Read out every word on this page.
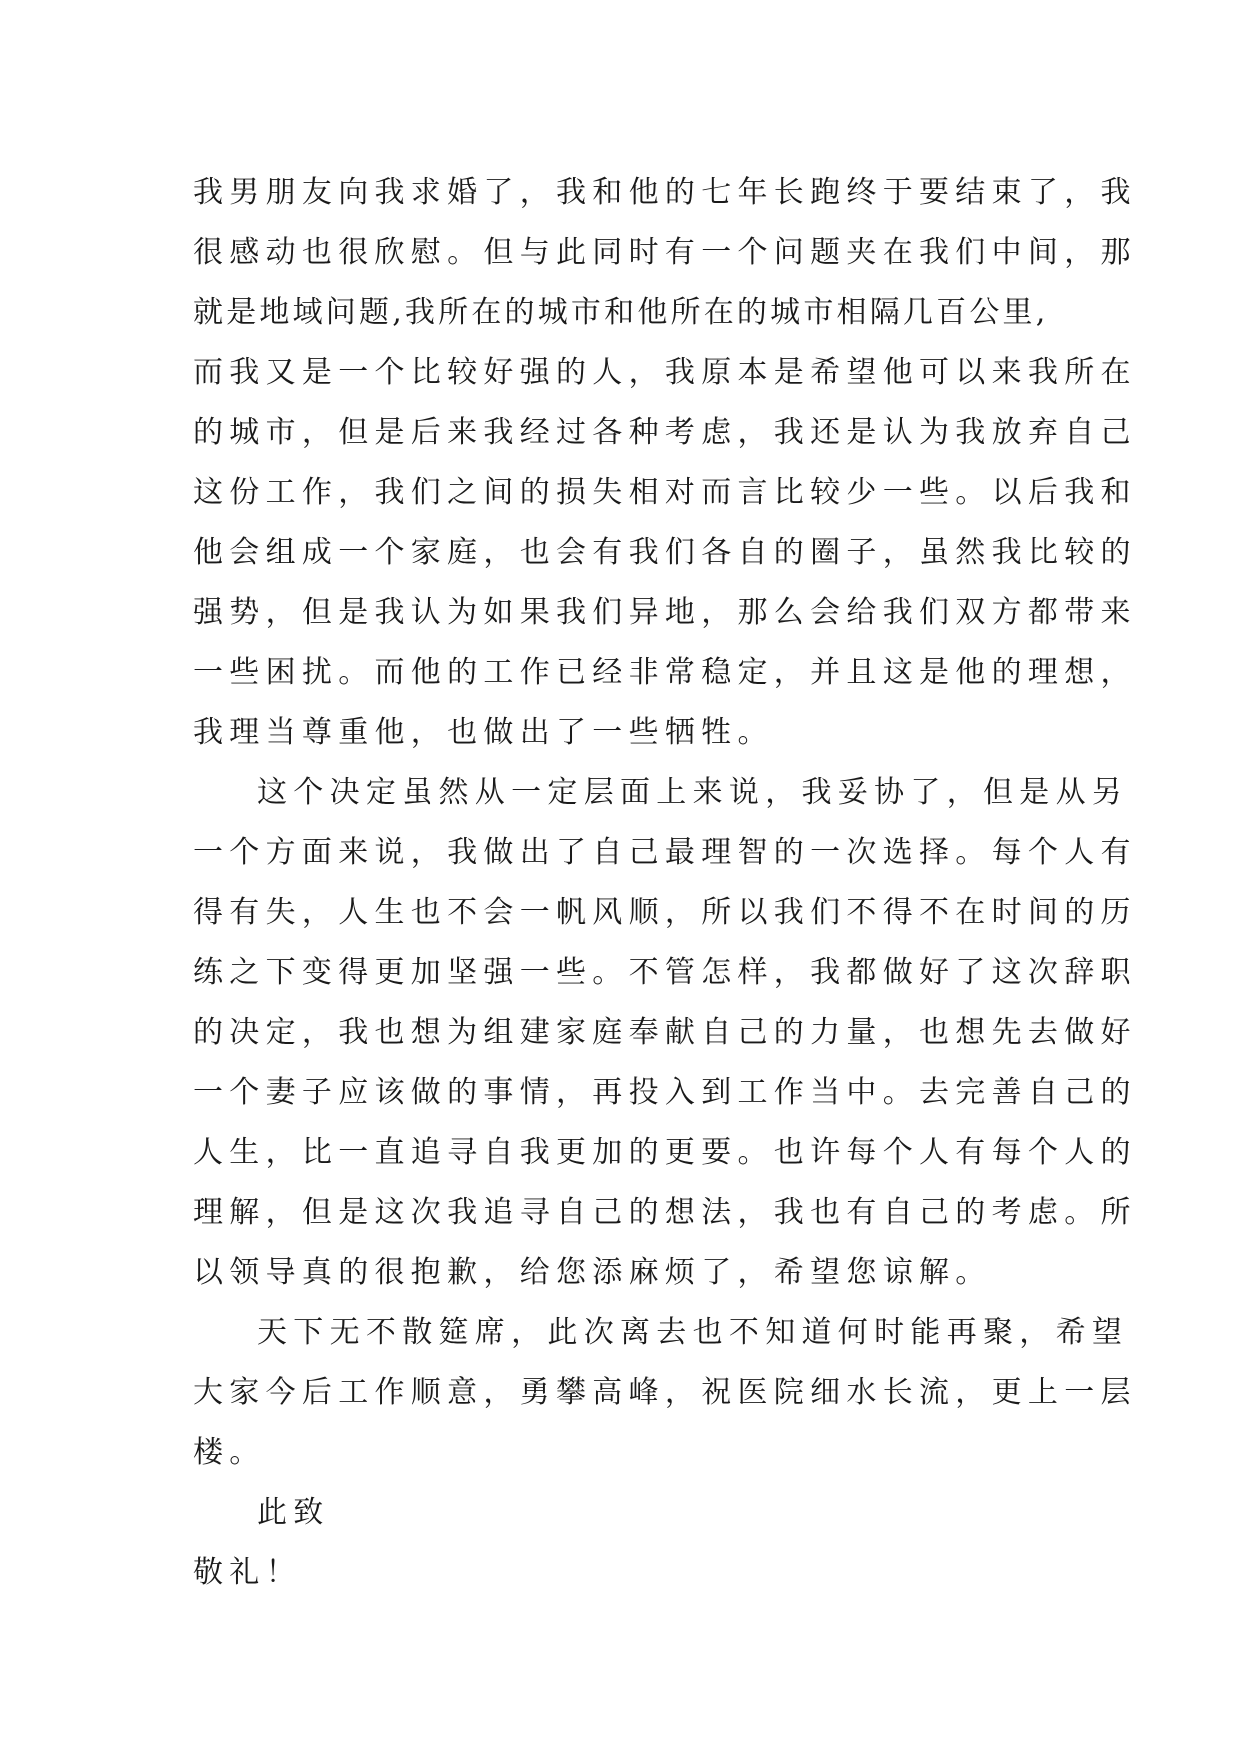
我男朋友向我求婚了，我和他的七年长跑终于要结束了，我
很感动也很欣慰。但与此同时有一个问题夹在我们中间，那
就是地域问题,我所在的城市和他所在的城市相隔几百公里,
而我又是一个比较好强的人，我原本是希望他可以来我所在
的城市，但是后来我经过各种考虑，我还是认为我放弃自己
这份工作，我们之间的损失相对而言比较少一些。以后我和
他会组成一个家庭，也会有我们各自的圈子，虽然我比较的
强势，但是我认为如果我们异地，那么会给我们双方都带来
一些困扰。而他的工作已经非常稳定，并且这是他的理想，
我理当尊重他，也做出了一些牺牲。
这个决定虽然从一定层面上来说，我妥协了，但是从另
一个方面来说，我做出了自己最理智的一次选择。每个人有
得有失，人生也不会一帆风顺，所以我们不得不在时间的历
练之下变得更加坚强一些。不管怎样，我都做好了这次辞职
的决定，我也想为组建家庭奉献自己的力量，也想先去做好
一个妻子应该做的事情，再投入到工作当中。去完善自己的
人生，比一直追寻自我更加的更要。也许每个人有每个人的
理解，但是这次我追寻自己的想法，我也有自己的考虑。所
以领导真的很抱歉，给您添麻烦了，希望您谅解。
天下无不散筵席，此次离去也不知道何时能再聚，希望
大家今后工作顺意，勇攀高峰，祝医院细水长流，更上一层
楼。
此致
敬礼！
